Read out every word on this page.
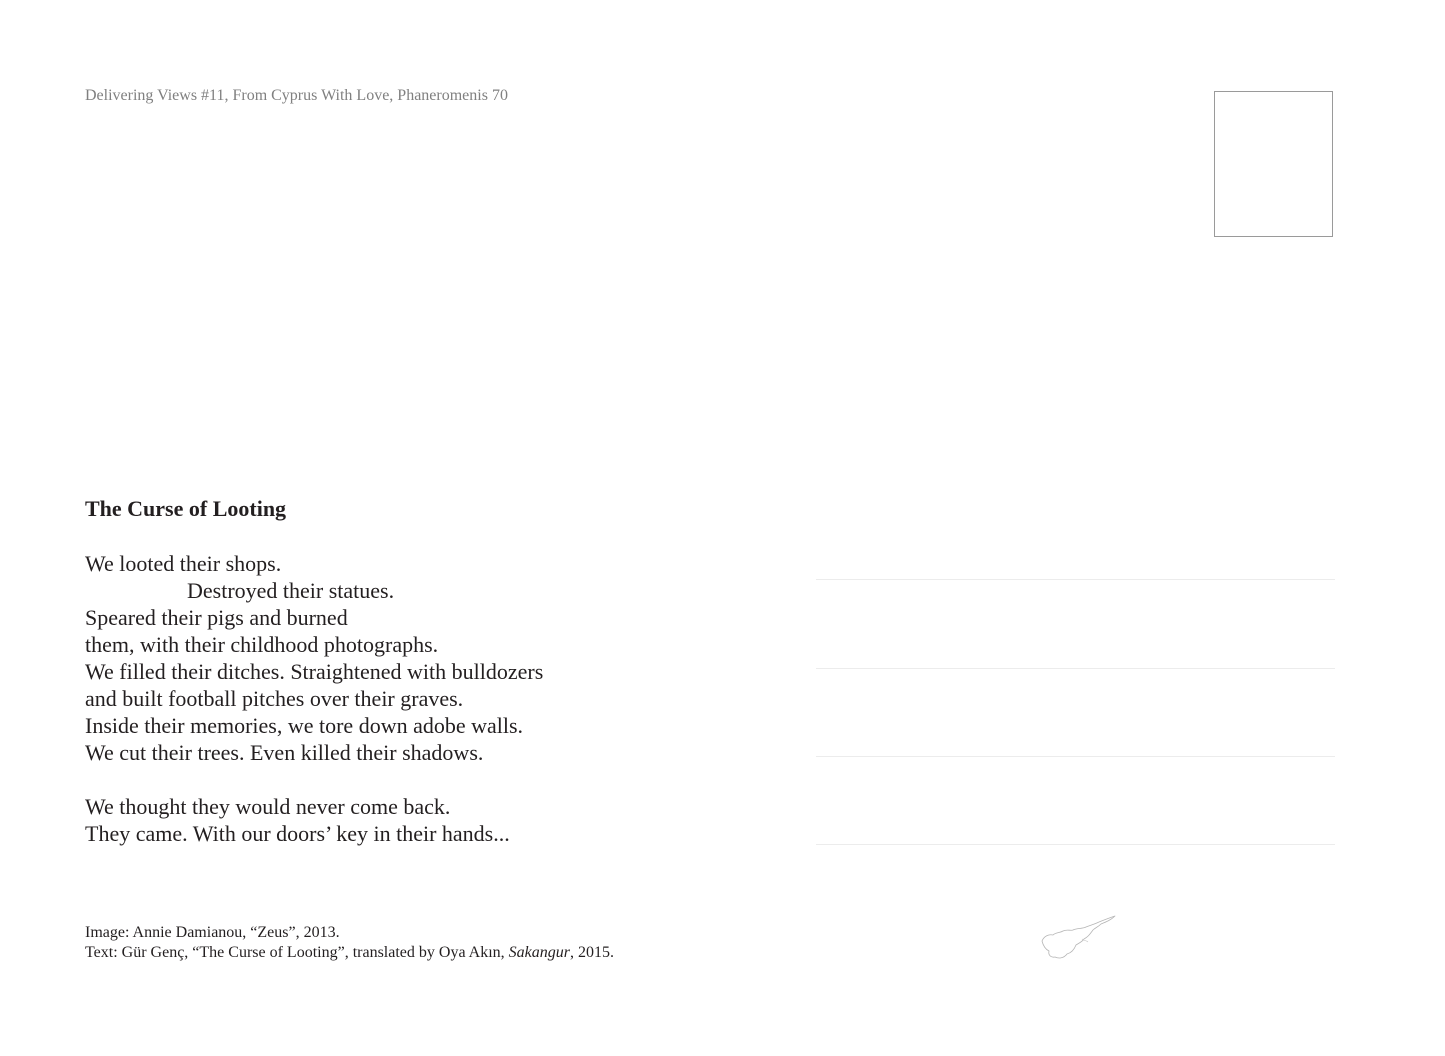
Delivering Views #11, From Cyprus With Love, Phaneromenis 70
The Curse of Looting
We looted their shops.
Destroyed their statues.
Speared their pigs and burned
them, with their childhood photographs.
We filled their ditches. Straightened with bulldozers
and built football pitches over their graves.
Inside their memories, we tore down adobe walls.
We cut their trees. Even killed their shadows.
We thought they would never come back.
They came. With our doors’ key in their hands...
Image: Annie Damianou, “Zeus”, 2013.
Text: Gür Genç, “The Curse of Looting”, translated by Oya Akın, Sakangur, 2015.
